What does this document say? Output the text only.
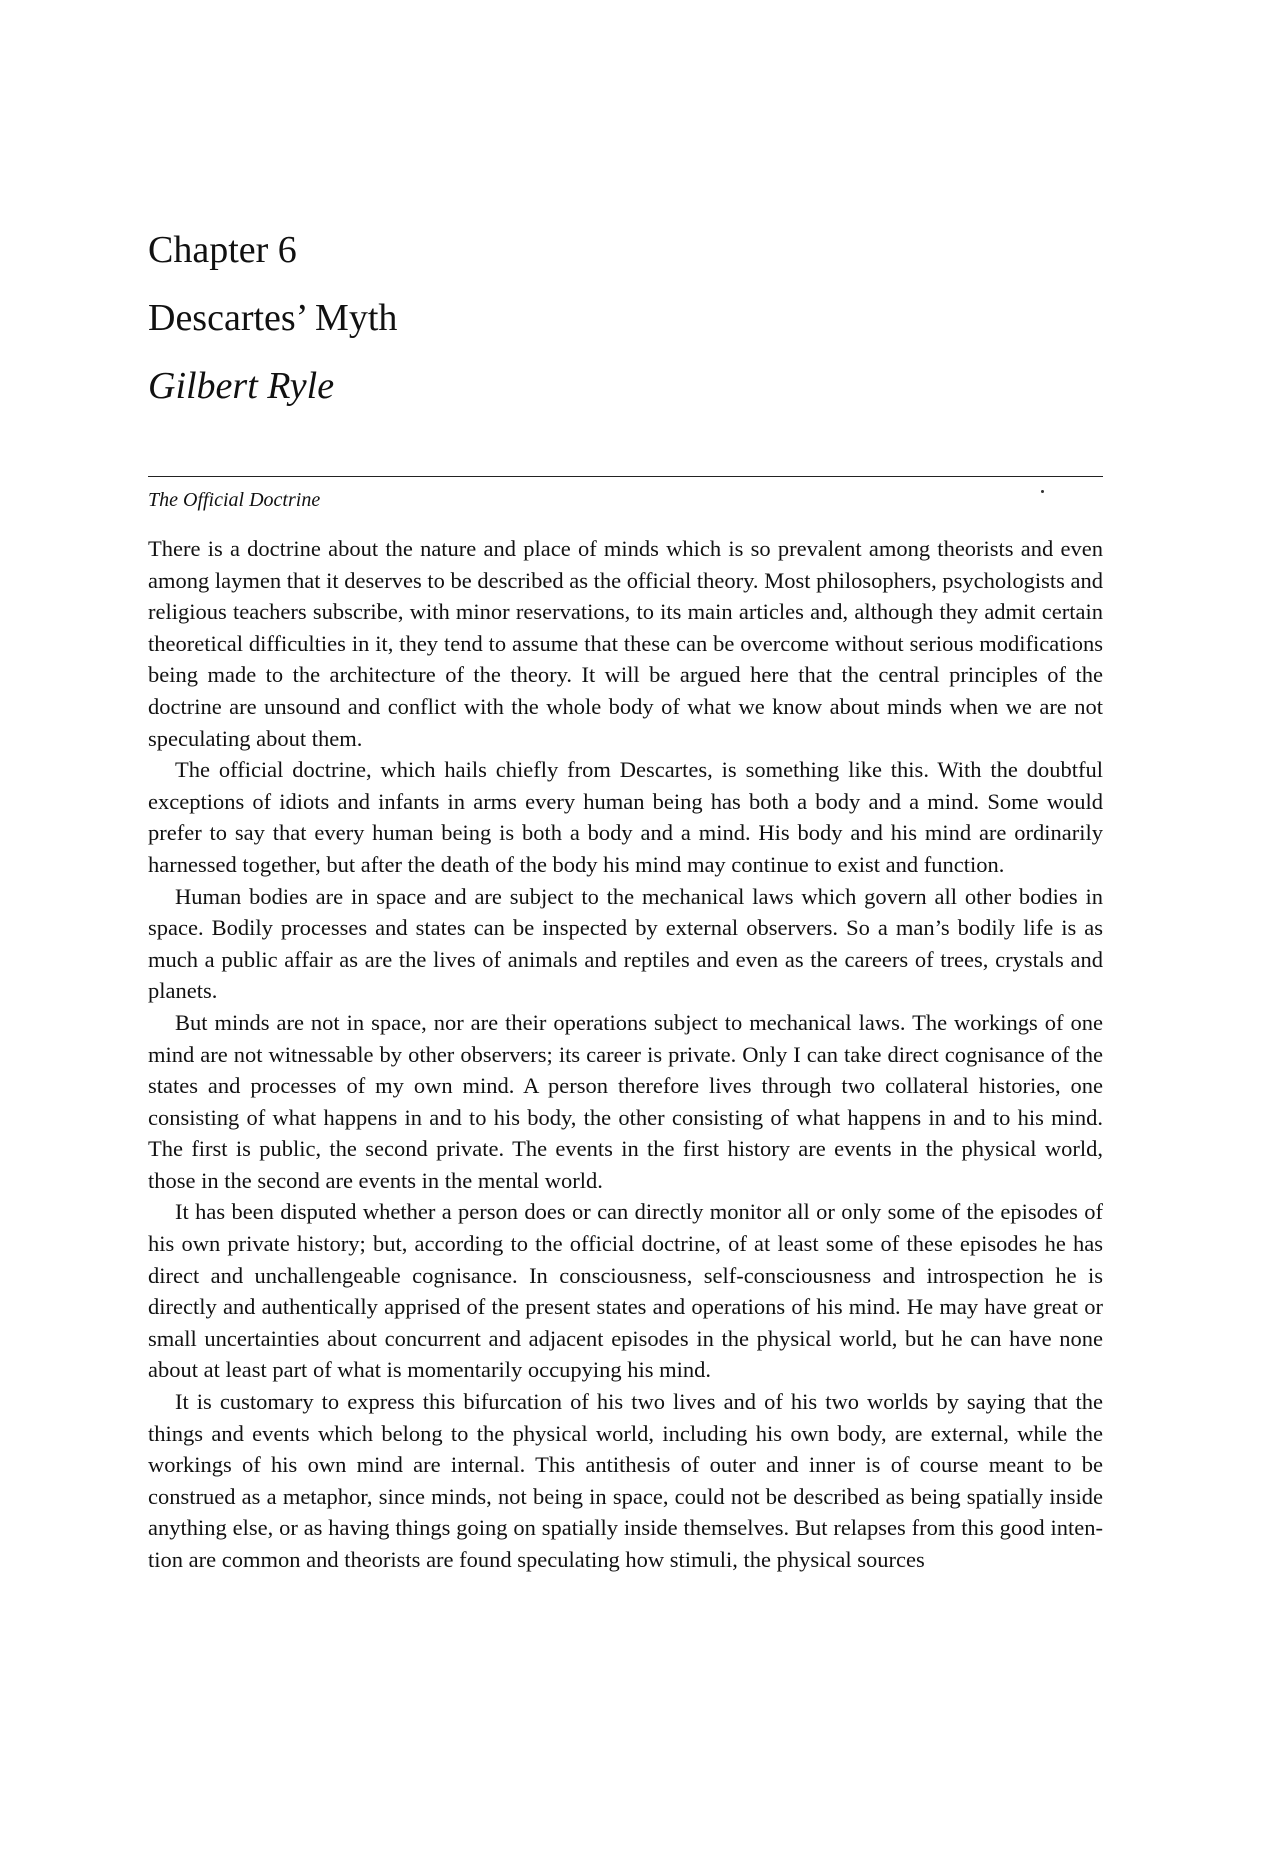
Chapter 6
Descartes’ Myth
Gilbert Ryle
The Official Doctrine

There is a doctrine about the nature and place of minds which is so prevalent among theorists and even among laymen that it deserves to be described as the official theory. Most philosophers, psychologists and religious teachers subscribe, with minor reservations, to its main articles and, although they admit certain theoretical difficulties in it, they tend to assume that these can be overcome without serious modifications being made to the architecture of the theory. It will be argued here that the central principles of the doctrine are unsound and conflict with the whole body of what we know about minds when we are not speculating about them.

The official doctrine, which hails chiefly from Descartes, is something like this. With the doubtful exceptions of idiots and infants in arms every human being has both a body and a mind. Some would prefer to say that every human being is both a body and a mind. His body and his mind are ordinarily harnessed together, but after the death of the body his mind may continue to exist and function.

Human bodies are in space and are subject to the mechanical laws which govern all other bodies in space. Bodily processes and states can be inspected by external observers. So a man’s bodily life is as much a public affair as are the lives of animals and reptiles and even as the careers of trees, crystals and planets.

But minds are not in space, nor are their operations subject to mechanical laws. The workings of one mind are not witnessable by other observers; its career is private. Only I can take direct cognisance of the states and processes of my own mind. A person therefore lives through two collateral histories, one consisting of what happens in and to his body, the other consisting of what happens in and to his mind. The first is public, the second private. The events in the first history are events in the physical world, those in the second are events in the mental world.

It has been disputed whether a person does or can directly monitor all or only some of the episodes of his own private history; but, according to the official doctrine, of at least some of these episodes he has direct and unchallengeable cognisance. In consciousness, self-consciousness and introspection he is directly and authentically apprised of the present states and operations of his mind. He may have great or small uncertainties about concurrent and adjacent episodes in the physical world, but he can have none about at least part of what is momentarily occupying his mind.

It is customary to express this bifurcation of his two lives and of his two worlds by saying that the things and events which belong to the physical world, including his own body, are external, while the workings of his own mind are internal. This antithesis of outer and inner is of course meant to be construed as a metaphor, since minds, not being in space, could not be described as being spatially inside anything else, or as having things going on spatially inside themselves. But relapses from this good intention are common and theorists are found speculating how stimuli, the physical sources
